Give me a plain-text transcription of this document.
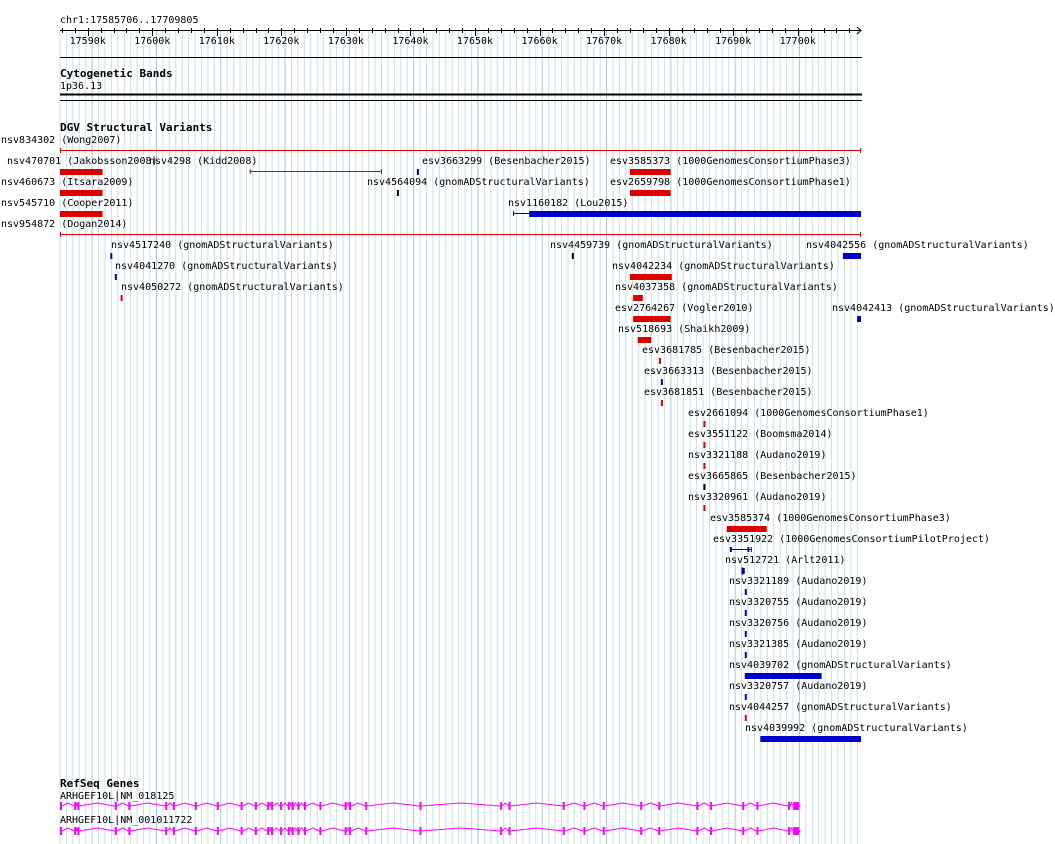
chr1:17585706..17709805
17590k	17600k	17610k	17620k	17630k	17640k	17650k	17660k	17670k	17680k	17690k	17700k
Cytogenetic Bands
1p36.13
DGV Structural Variants
nsv834302 (Wong2007)
nsv470701 (Jakobsson2008)
nsv4298 (Kidd2008)	esv3663299 (Besenbacher2015) esv3585373 (1000GenomesConsortiumPhase3)
nsv460673 (Itsara2009)	nsv4564094 (gnomADStructuralVariants) esv2659798 (1000GenomesConsortiumPhase1)
nsv545710 (Cooper2011)	nsv1160182 (Lou2015)
nsv954872 (Dogan2014)
nsv4517240 (gnomADStructuralVariants)	nsv4459739 (gnomADStructuralVariants)	nsv4042556 (gnomADStructuralVariants)
nsv4041270 (gnomADStructuralVariants)	nsv4042234 (gnomADStructuralVariants)
nsv4050272 (gnomADStructuralVariants)	nsv4037358 (gnomADStructuralVariants)
esv2764267 (Vogler2010)	nsv4042413 (gnomADStructuralVariants)
nsv518693 (Shaikh2009)
esv3681785 (Besenbacher2015)
esv3663313 (Besenbacher2015)
esv3681851 (Besenbacher2015)
esv2661094 (1000GenomesConsortiumPhase1)
esv3551122 (Boomsma2014)
nsv3321188 (Audano2019)
esv3665865 (Besenbacher2015)
nsv3320961 (Audano2019)
esv3585374 (1000GenomesConsortiumPhase3)
esv3351922 (1000GenomesConsortiumPilotProject)
nsv512721 (Arlt2011)
nsv3321189 (Audano2019)
nsv3320755 (Audano2019)
nsv3320756 (Audano2019)
nsv3321385 (Audano2019)
nsv4039702 (gnomADStructuralVariants)
nsv3320757 (Audano2019)
nsv4044257 (gnomADStructuralVariants)
nsv4039992 (gnomADStructuralVariants)
RefSeq Genes
ARHGEF10L|NM_018125
ARHGEF10L|NM_001011722
